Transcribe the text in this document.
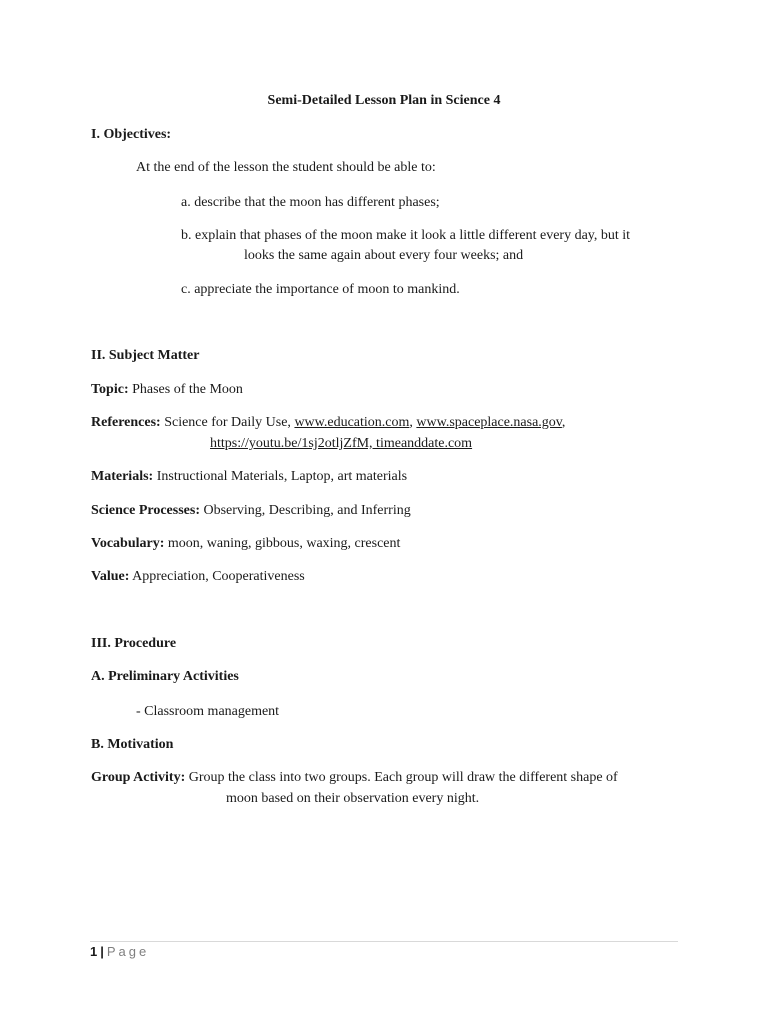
Semi-Detailed Lesson Plan in Science 4
I. Objectives:
At the end of the lesson the student should be able to:
a. describe that the moon has different phases;
b. explain that phases of the moon make it look a little different every day, but it
looks the same again about every four weeks; and
c. appreciate the importance of moon to mankind.
II. Subject Matter
Topic: Phases of the Moon
References: Science for Daily Use, www.education.com, www.spaceplace.nasa.gov,
https://youtu.be/1sj2otljZfM, timeanddate.com
Materials: Instructional Materials, Laptop, art materials
Science Processes: Observing, Describing, and Inferring
Vocabulary: moon, waning, gibbous, waxing, crescent
Value: Appreciation, Cooperativeness
III. Procedure
A. Preliminary Activities
- Classroom management
B. Motivation
Group Activity: Group the class into two groups. Each group will draw the different shape of
moon based on their observation every night.
1 | Page
